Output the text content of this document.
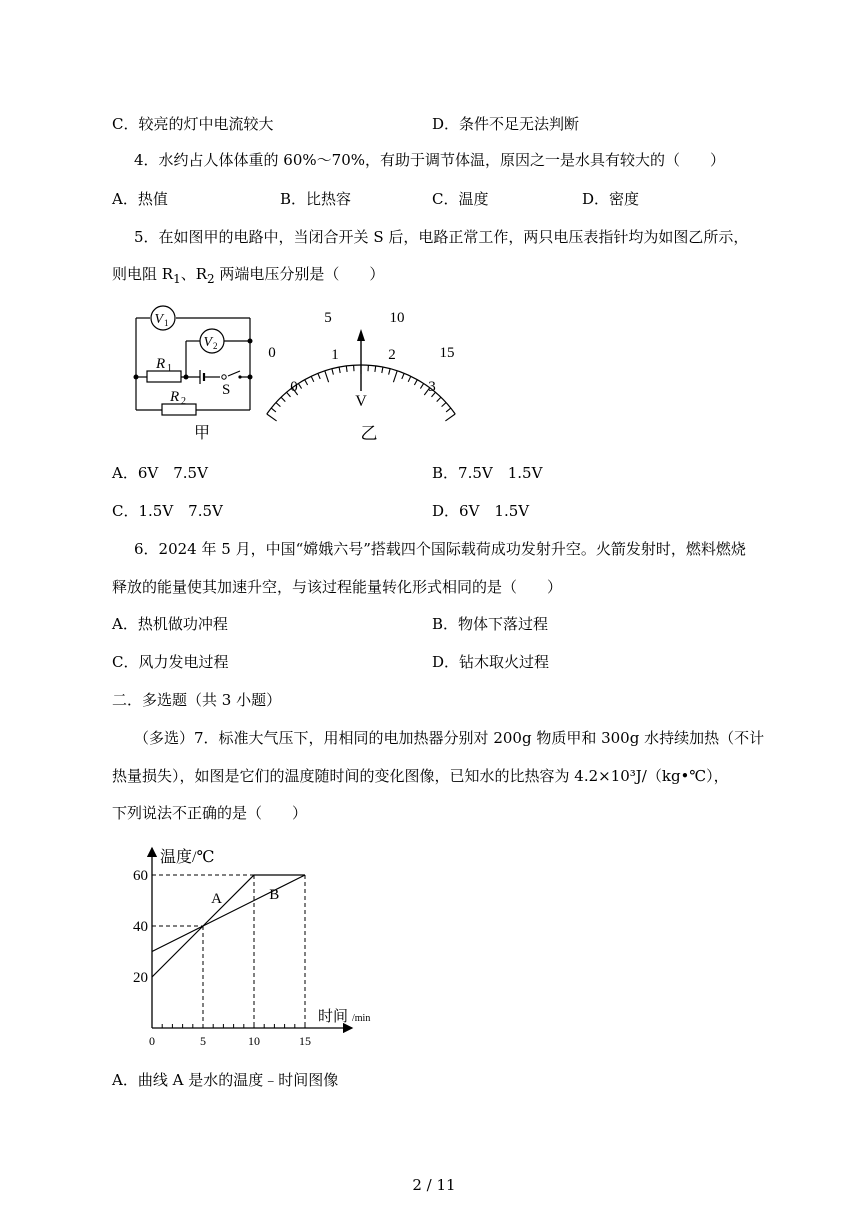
C．较亮的灯中电流较大	D．条件不足无法判断
4．水约占人体体重的 60%～70%，有助于调节体温，原因之一是水具有较大的（　　）
A．热值	B．比热容	C．温度	D．密度
5．在如图甲的电路中，当闭合开关 S 后，电路正常工作，两只电压表指针均为如图乙所示，
则电阻 $R_1$、$R_2$ 两端电压分别是（　　）
V 1
V 2
R 1
R 2
S
甲
0
5	10
15
0
1	2
3
V
乙
A．6V　7.5V	B．7.5V　1.5V
C．1.5V　7.5V	D．6V　1.5V
6．2024 年 5 月，中国“嫦娥六号”搭载四个国际载荷成功发射升空。火箭发射时，燃料燃烧
释放的能量使其加速升空，与该过程能量转化形式相同的是（　　）
A．热机做功冲程	B．物体下落过程
C．风力发电过程	D．钻木取火过程
二．多选题（共 3 小题）
（多选）7．标准大气压下，用相同的电加热器分别对 200g 物质甲和 300g 水持续加热（不计
热量损失），如图是它们的温度随时间的变化图像，已知水的比热容为 4.2×10³J/（kg•℃），
下列说法不正确的是（　　）
A	B
0	5	10	15
20
40
60
温度/℃
时间 /min
A．曲线 A 是水的温度﹣时间图像
2 / 11
